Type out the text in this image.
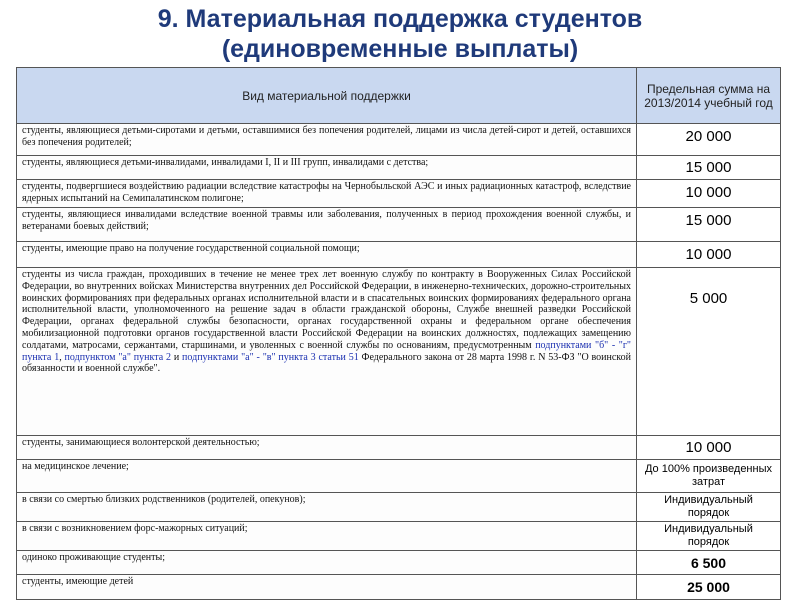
9. Материальная поддержка студентов
(единовременные выплаты)
Вид материальной поддержки	Предельная сумма на 2013/2014 учебный год
студенты, являющиеся детьми-сиротами и детьми, оставшимися без попечения родителей, лицами из числа детей-сирот и детей, оставшихся без попечения родителей;	20 000
студенты, являющиеся детьми-инвалидами, инвалидами I, II и III групп, инвалидами с детства;	15 000
студенты, подвергшиеся воздействию радиации вследствие катастрофы на Чернобыльской АЭС и иных радиационных катастроф, вследствие ядерных испытаний на Семипалатинском полигоне;	10 000
студенты, являющиеся инвалидами вследствие военной травмы или заболевания, полученных в период прохождения военной службы, и ветеранами боевых действий;	15 000
студенты, имеющие право на получение государственной социальной помощи;	10 000
студенты из числа граждан, проходивших в течение не менее трех лет военную службу по контракту в Вооруженных Силах Российской Федерации, во внутренних войсках Министерства внутренних дел Российской Федерации, в инженерно-технических, дорожно-строительных воинских формированиях при федеральных органах исполнительной власти и в спасательных воинских формированиях федерального органа исполнительной власти, уполномоченного на решение задач в области гражданской обороны, Службе внешней разведки Российской Федерации, органах федеральной службы безопасности, органах государственной охраны и федеральном органе обеспечения мобилизационной подготовки органов государственной власти Российской Федерации на воинских должностях, подлежащих замещению солдатами, матросами, сержантами, старшинами, и уволенных с военной службы по основаниям, предусмотренным подпунктами "б" - "г" пункта 1, подпунктом "а" пункта 2 и подпунктами "а" - "в" пункта 3 статьи 51 Федерального закона от 28 марта 1998 г. N 53-ФЗ "О воинской обязанности и военной службе".	5 000
студенты, занимающиеся волонтерской деятельностью;	10 000
на медицинское лечение;	До 100% произведенных затрат
в связи со смертью близких родственников (родителей, опекунов);	Индивидуальный порядок
в связи с возникновением форс-мажорных ситуаций;	Индивидуальный порядок
одиноко проживающие студенты;	6 500
студенты, имеющие детей	25 000
